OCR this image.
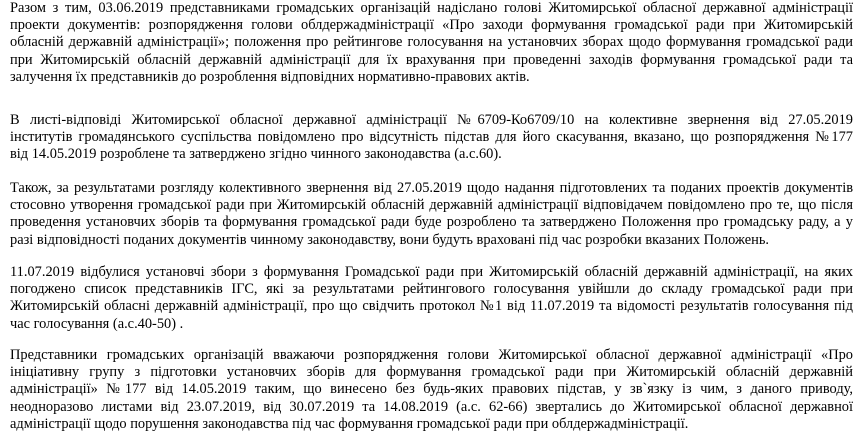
Разом з тим, 03.06.2019 представниками громадських організацій надіслано голові Житомирської обласної державної адміністрації
проекти документів: розпорядження голови облдержадміністрації «Про заходи формування громадської ради при Житомирській
обласній державній адміністрації»; положення про рейтингове голосування на установчих зборах щодо формування громадської ради
при Житомирській обласній державній адміністрації для їх врахування при проведенні заходів формування громадської ради та
залучення їх представників до розроблення відповідних нормативно-правових актів.
В листі-відповіді Житомирської обласної державної адміністрації №6709-Ко6709/10 на колективне звернення від 27.05.2019
інститутів громадянського суспільства повідомлено про відсутність підстав для його скасування, вказано, що розпорядження №177
від 14.05.2019 розроблене та затверджено згідно чинного законодавства (а.с.60).
Також, за результатами розгляду колективного звернення від 27.05.2019 щодо надання підготовлених та поданих проектів документів
стосовно утворення громадської ради при Житомирській обласній державній адміністрації відповідачем повідомлено про те, що після
проведення установчих зборів та формування громадської ради буде розроблено та затверджено Положення про громадську раду, а у
разі відповідності поданих документів чинному законодавству, вони будуть враховані під час розробки вказаних Положень.
11.07.2019 відбулися установчі збори з формування Громадської ради при Житомирській обласній державній адміністрації, на яких
погоджено список представників ІГС, які за результатами рейтингового голосування увійшли до складу громадської ради при
Житомирській обласні державній адміністрації, про що свідчить протокол №1 від 11.07.2019 та відомості результатів голосування під
час голосування (а.с.40-50) .
Представники громадських організацій вважаючи розпорядження голови Житомирської обласної державної адміністрації «Про
ініціативну групу з підготовки установчих зборів для формування громадської ради при Житомирській обласній державній
адміністрації» №177 від 14.05.2019 таким, що винесено без будь-яких правових підстав, у зв`язку із чим, з даного приводу,
неодноразово листами від 23.07.2019, від 30.07.2019 та 14.08.2019 (а.с. 62-66) звертались до Житомирської обласної державної
адміністрації щодо порушення законодавства під час формування громадської ради при облдержадміністрації.
